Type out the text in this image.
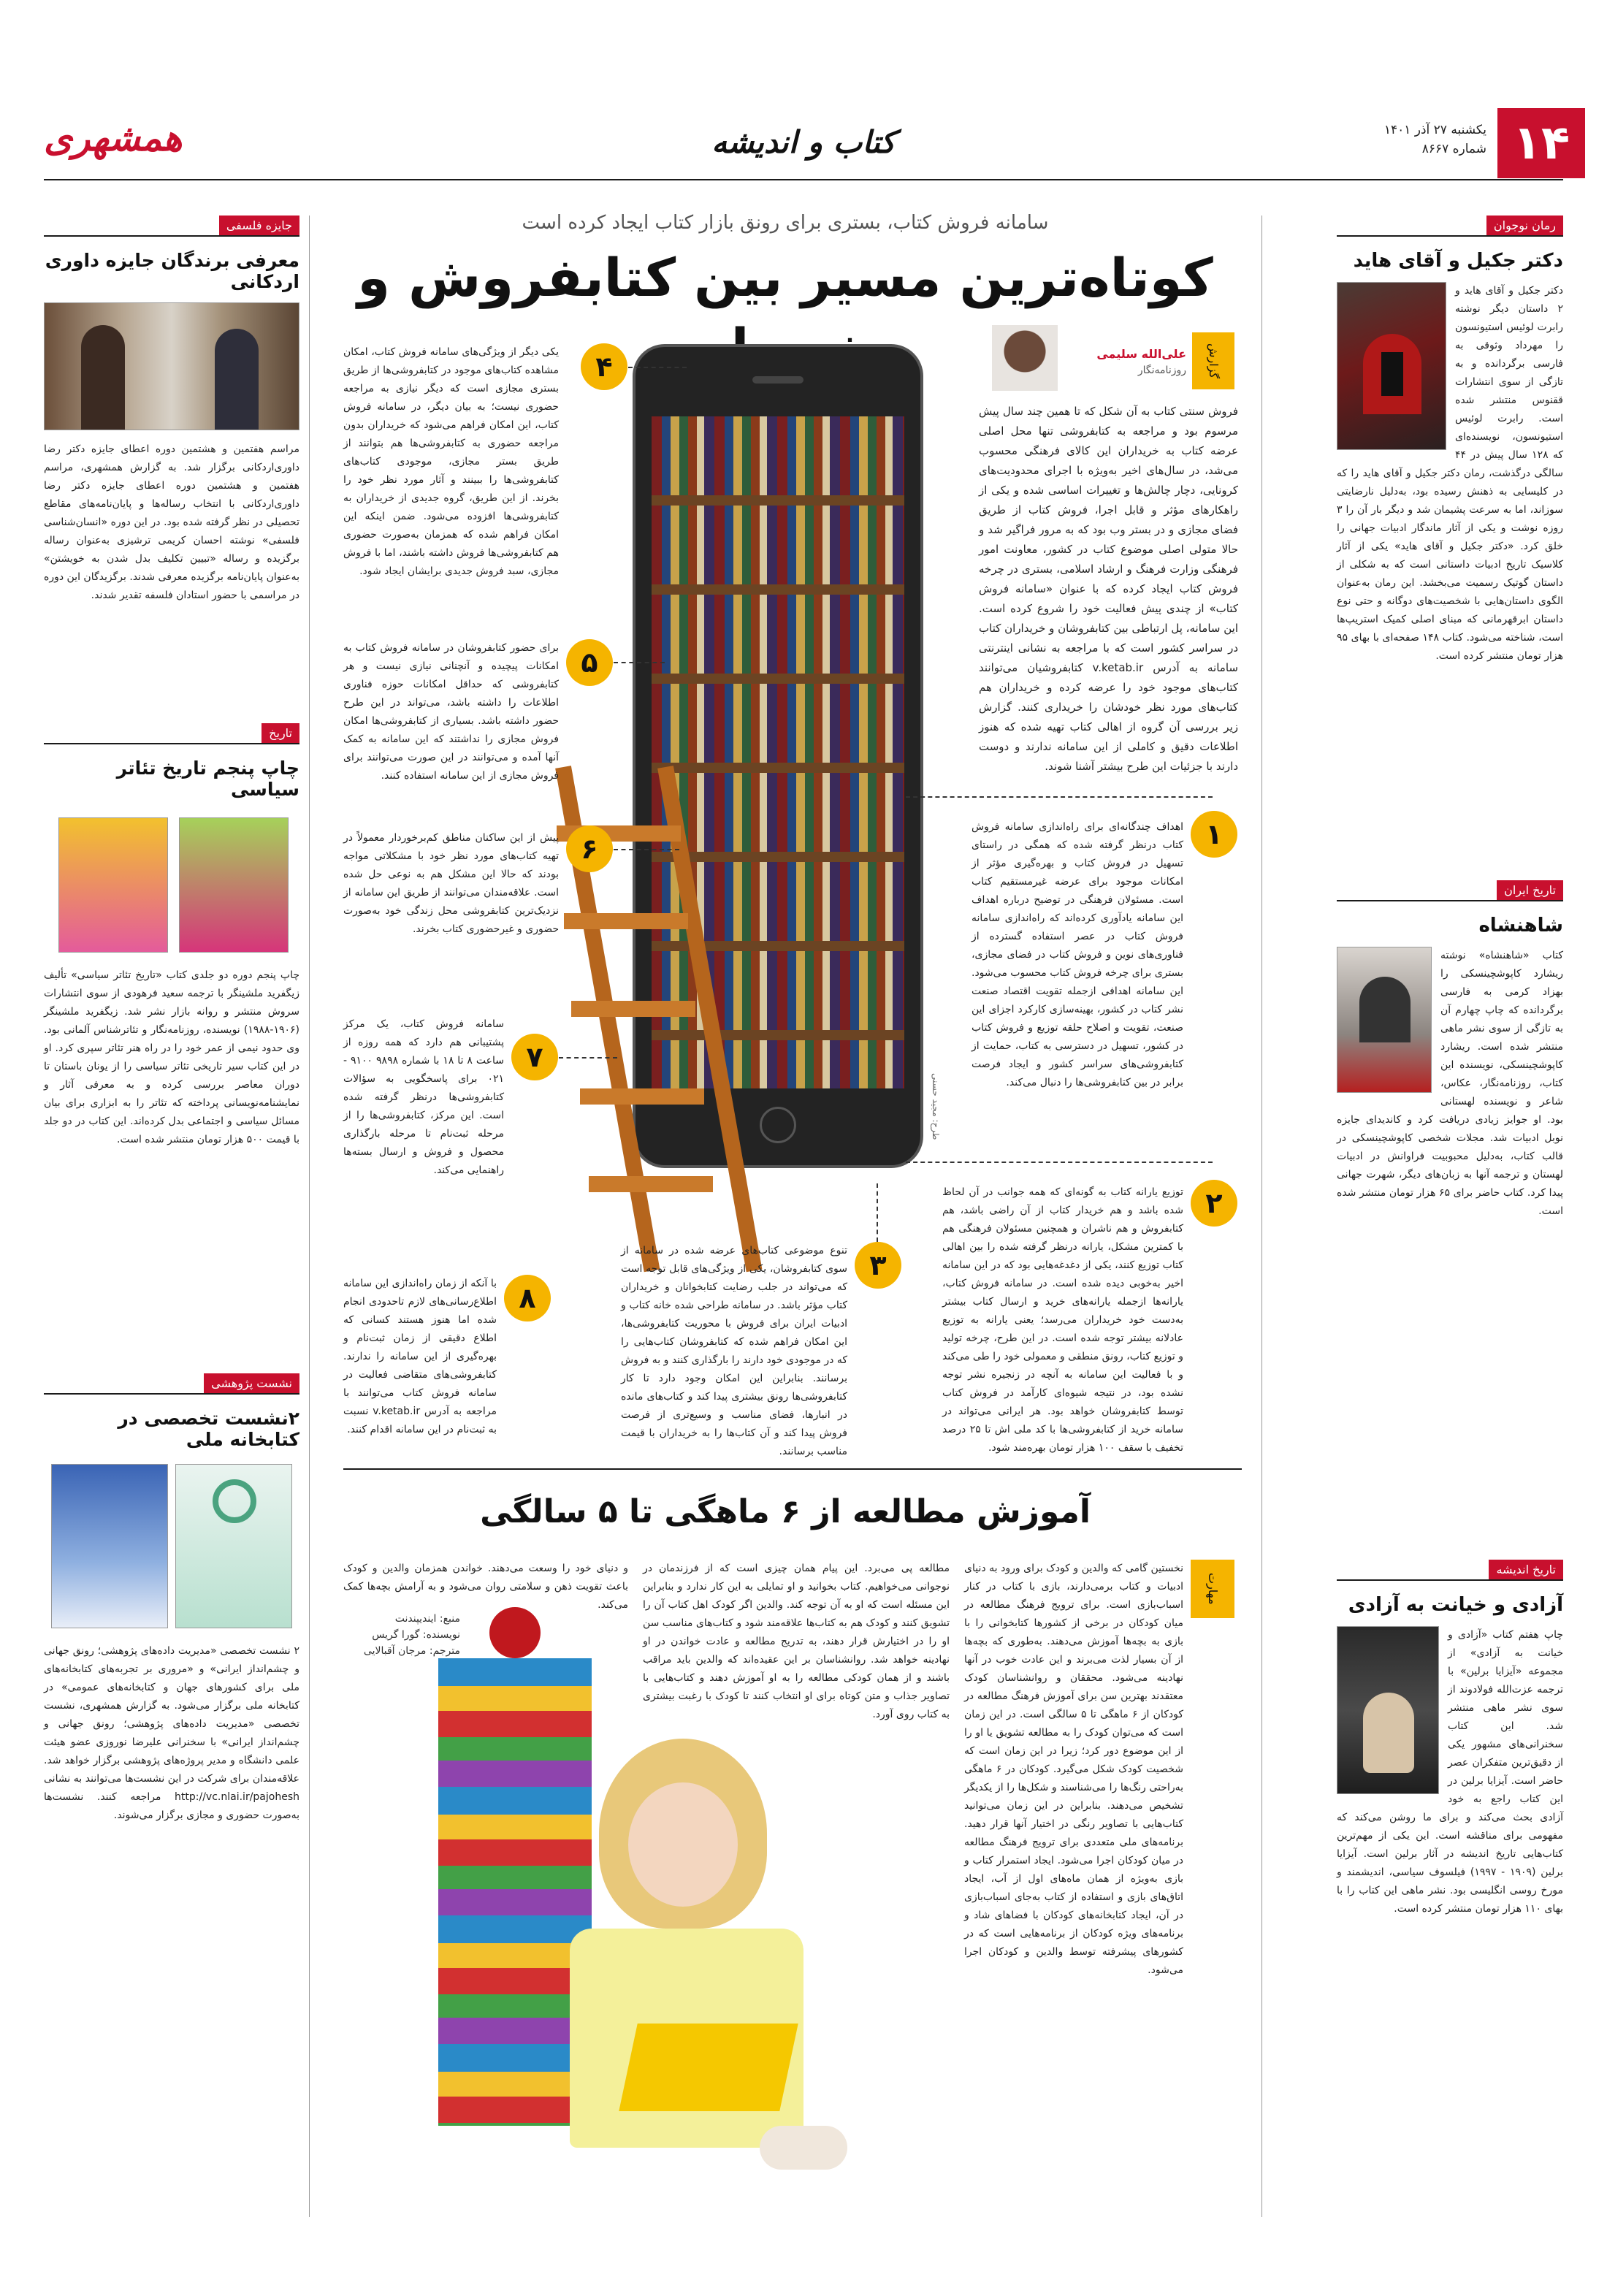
۱۴
یکشنبه ۲۷ آذر ۱۴۰۱
شماره ۸۶۶۷
کتاب و اندیشه
همشهری
رمان نوجوان
دکتر جکیل و آقای هاید
دکتر جکیل و آقای هاید و ۲ داستان دیگر نوشته رابرت لوئیس استیونسون را مهرداد وثوقی به فارسی برگردانده و به تازگی از سوی انتشارات ققنوس منتشر شده است. رابرت لوئیس استیونسون، نویسنده‌ای که ۱۲۸ سال پیش در ۴۴ سالگی درگذشت، رمان دکتر جکیل و آقای هاید را که در کلیسایی به ذهنش رسیده بود، به‌دلیل نارضایتی سوزاند، اما به سرعت پشیمان شد و دیگر بار آن را ۳ روزه نوشت و یکی از آثار ماندگار ادبیات جهانی را خلق کرد. «دکتر جکیل و آقای هاید» یکی از آثار کلاسیک تاریخ ادبیات داستانی است که به شکلی از داستان گوتیک رسمیت می‌بخشد. این رمان به‌عنوان الگوی داستان‌هایی با شخصیت‌های دوگانه و حتی نوع داستان ابرقهرمانی که مبنای اصلی کمیک استریپ‌ها است، شناخته می‌شود. کتاب ۱۴۸ صفحه‌ای با بهای ۹۵ هزار تومان منتشر کرده است.
تاریخ ایران
شاهنشاه
کتاب «شاهنشاه» نوشته ریشارد کاپوشچینسکی را بهزاد کرمی به فارسی برگردانده که چاپ چهارم آن به تازگی از سوی نشر ماهی منتشر شده است. ریشارد کاپوشچینسکی، نویسنده این کتاب، روزنامه‌نگار، عکاس، شاعر و نویسنده لهستانی بود. او جوایز زیادی دریافت کرد و کاندیدای جایزه نوبل ادبیات شد. مجلات شخصی کاپوشچینسکی در قالب کتاب، به‌دلیل محبوبیت فراوانش در ادبیات لهستان و ترجمه آنها به زبان‌های دیگر، شهرت جهانی پیدا کرد. کتاب حاضر برای ۶۵ هزار تومان منتشر شده است.
تاریخ اندیشه
آزادی و خیانت به آزادی
چاپ هفتم کتاب «آزادی و خیانت به آزادی» از مجموعه «آیزایا برلین» با ترجمه عزت‌الله فولادوند از سوی نشر ماهی منتشر شد. این کتاب سخنرانی‌های مشهور یکی از دقیق‌ترین متفکران عصر حاضر است. آیزایا برلین در این کتاب راجع به خود آزادی بحث می‌کند و برای ما روشن می‌کند که مفهومی برای مناقشه است. این یکی از مهم‌ترین کتاب‌هایی تاریخ اندیشه در آثار برلین است. آیزایا برلین (۱۹۰۹ - ۱۹۹۷) فیلسوف سیاسی، اندیشمند و مورخ روسی انگلیسی بود. نشر ماهی این کتاب را با بهای ۱۱۰ هزار تومان منتشر کرده است.
جایزه فلسفی
معرفی برندگان جایزه داوری اردکانی
مراسم هفتمین و هشتمین دوره اعطای جایزه دکتر رضا داوری‌اردکانی برگزار شد. به گزارش همشهری، مراسم هفتمین و هشتمین دوره اعطای جایزه دکتر رضا داوری‌اردکانی با انتخاب رساله‌ها و پایان‌نامه‌های مقاطع تحصیلی در نظر گرفته شده بود. در این دوره «انسان‌شناسی فلسفی» نوشته احسان کریمی ترشیزی به‌عنوان رساله برگزیده و رساله «تبیین تکلیف بدل شدن به خویشتن» به‌عنوان پایان‌نامه برگزیده معرفی شدند. برگزیدگان این دوره در مراسمی با حضور استادان فلسفه تقدیر شدند.
تاریخ
چاپ پنجم تاریخ تئاتر سیاسی
چاپ پنجم دوره دو جلدی کتاب «تاریخ تئاتر سیاسی» تألیف زیگفرید ملشینگر با ترجمه سعید فرهودی از سوی انتشارات سروش منتشر و روانه بازار نشر شد. زیگفرید ملشینگر (۱۹۰۶-۱۹۸۸) نویسنده، روزنامه‌نگار و تئاترشناس آلمانی بود. وی حدود نیمی از عمر خود را در راه هنر تئاتر سپری کرد. او در این کتاب سیر تاریخی تئاتر سیاسی را از یونان باستان تا دوران معاصر بررسی کرده و به معرفی آثار و نمایشنامه‌نویسانی پرداخته که تئاتر را به ابزاری برای بیان مسائل سیاسی و اجتماعی بدل کرده‌اند. این کتاب در دو جلد با قیمت ۵۰۰ هزار تومان منتشر شده است.
نشست پژوهشی
۲نشست تخصصی در کتابخانه ملی
۲ نشست تخصصی «مدیریت داده‌های پژوهشی؛ رونق جهانی و چشم‌انداز ایرانی» و «مروری بر تجربه‌های کتابخانه‌های ملی برای کشورهای جهان و کتابخانه‌های عمومی» در کتابخانه ملی برگزار می‌شود. به گزارش همشهری، نشست تخصصی «مدیریت داده‌های پژوهشی؛ رونق جهانی و چشم‌انداز ایرانی» با سخنرانی علیرضا نوروزی عضو هیئت علمی دانشگاه و مدیر پروژه‌های پژوهشی برگزار خواهد شد. علاقه‌مندان برای شرکت در این نشست‌ها می‌توانند به نشانی http://vc.nlai.ir/pajohesh مراجعه کنند. نشست‌ها به‌صورت حضوری و مجازی برگزار می‌شوند.
سامانه فروش کتاب، بستری برای رونق بازار کتاب ایجاد کرده است
کوتاه‌ترین مسیر بین کتابفروش و
گزارش
علی‌الله سلیمی
روزنامه‌نگار
فروش سنتی کتاب به آن شکل که تا همین چند سال پیش مرسوم بود و مراجعه به کتابفروشی تنها محل اصلی عرضه کتاب به خریداران این کالای فرهنگی محسوب می‌شد، در سال‌های اخیر به‌ویژه با اجرای محدودیت‌های کرونایی، دچار چالش‌ها و تغییرات اساسی شده و یکی از راهکارهای مؤثر و قابل اجرا، فروش کتاب از طریق فضای مجازی و در بستر وب بود که به مرور فراگیر شد و حالا متولی اصلی موضوع کتاب در کشور، معاونت امور فرهنگی وزارت فرهنگ و ارشاد اسلامی، بستری در چرخه فروش کتاب ایجاد کرده که با عنوان «سامانه فروش کتاب» از چندی پیش فعالیت خود را شروع کرده است. این سامانه، پل ارتباطی بین کتابفروشان و خریداران کتاب در سراسر کشور است که با مراجعه به نشانی اینترنتی سامانه به آدرس v.ketab.ir کتابفروشیان می‌توانند کتاب‌های موجود خود را عرضه کرده و خریداران هم کتاب‌های مورد نظر خودشان را خریداری کنند. گزارش زیر بررسی آن گروه از اهالی کتاب تهیه شده که هنوز اطلاعات دقیق و کاملی از این سامانه ندارند و دوست دارند با جزئیات این طرح بیشتر آشنا شوند.
طرح: مجید حسنی
۴
۵
۶
۷
۸
۱
۲
۳
یکی دیگر از ویژگی‌های سامانه فروش کتاب، امکان مشاهده کتاب‌های موجود در کتابفروشی‌ها از طریق بستری مجازی است که دیگر نیازی به مراجعه حضوری نیست؛ به بیان دیگر، در سامانه فروش کتاب، این امکان فراهم می‌شود که خریداران بدون مراجعه حضوری به کتابفروشی‌ها هم بتوانند از طریق بستر مجازی، موجودی کتاب‌های کتابفروشی‌ها را ببینند و آثار مورد نظر خود را بخرند. از این طریق، گروه جدیدی از خریداران به کتابفروشی‌ها افزوده می‌شود. ضمن اینکه این امکان فراهم شده که همزمان به‌صورت حضوری هم کتابفروشی‌ها فروش داشته باشند، اما با فروش مجازی، سبد فروش جدیدی برایشان ایجاد شود.
برای حضور کتابفروشان در سامانه فروش کتاب به امکانات پیچیده و آنچنانی نیازی نیست و هر کتابفروشی که حداقل امکانات حوزه فناوری اطلاعات را داشته باشد، می‌تواند در این طرح حضور داشته باشد. بسیاری از کتابفروشی‌ها امکان فروش مجازی را نداشتند که این سامانه به کمک آنها آمده و می‌توانند در این صورت می‌توانند برای فروش مجازی از این سامانه استفاده کنند.
پیش از این ساکنان مناطق کم‌برخوردار معمولاً در تهیه کتاب‌های مورد نظر خود با مشکلاتی مواجه بودند که حالا این مشکل هم به نوعی حل شده است. علاقه‌مندان می‌توانند از طریق این سامانه از نزدیک‌ترین کتابفروشی محل زندگی خود به‌صورت حضوری و غیرحضوری کتاب بخرند.
سامانه فروش کتاب، یک مرکز پشتیبانی هم دارد که همه روزه از ساعت ۸ تا ۱۸ با شماره ۹۸۹۸ ۹۱۰۰ - ۰۲۱ برای پاسخگویی به سؤالات کتابفروشی‌ها درنظر گرفته شده است. این مرکز، کتابفروشی‌ها را از مرحله ثبت‌نام تا مرحله بارگذاری محصول و فروش و ارسال بسته‌ها راهنمایی می‌کند.
با آنکه از زمان راه‌اندازی این سامانه اطلاع‌رسانی‌های لازم تاحدودی انجام شده اما هنوز هستند کسانی که اطلاع دقیقی از زمان ثبت‌نام و بهره‌گیری از این سامانه را ندارند. کتابفروشی‌های متقاضی فعالیت در سامانه فروش کتاب می‌توانند با مراجعه به آدرس v.ketab.ir نسبت به ثبت‌نام در این سامانه اقدام کنند.
اهداف چندگانه‌ای برای راه‌اندازی سامانه فروش کتاب درنظر گرفته شده که همگی در راستای تسهیل در فروش کتاب و بهره‌گیری مؤثر از امکانات موجود برای عرضه غیرمستقیم کتاب است. مسئولان فرهنگی در توضیح درباره اهداف این سامانه یادآوری کرده‌اند که راه‌اندازی سامانه فروش کتاب در عصر استفاده گسترده از فناوری‌های نوین و فروش کتاب در فضای مجازی، بستری برای چرخه فروش کتاب محسوب می‌شود. این سامانه اهدافی ازجمله تقویت اقتصاد صنعت نشر کتاب در کشور، بهینه‌سازی کارکرد اجزای این صنعت، تقویت و اصلاح حلقه توزیع و فروش کتاب در کشور، تسهیل در دسترسی به کتاب، حمایت از کتابفروشی‌های سراسر کشور و ایجاد فرصت برابر در بین کتابفروشی‌ها را دنبال می‌کند.
توزیع یارانه کتاب به گونه‌ای که همه جوانب در آن لحاظ شده باشد و هم خریدار کتاب از آن راضی باشد، هم کتابفروش و هم ناشران و همچنین مسئولان فرهنگی هم با کمترین مشکل، یارانه درنظر گرفته شده را بین اهالی کتاب توزیع کنند، یکی از دغدغه‌هایی بود که در این سامانه اخیر به‌خوبی دیده شده است. در سامانه فروش کتاب، یارانه‌ها ازجمله یارانه‌های خرید و ارسال کتاب بیشتر به‌دست خود خریداران می‌رسد؛ یعنی یارانه به توزیع عادلانه بیشتر توجه شده است. در این طرح، چرخه تولید و توزیع کتاب، رونق منطقی و معمولی خود را طی می‌کند و با فعالیت این سامانه به آنچه در زنجیره نشر توجه نشده بود، در نتیجه شیوه‌ای کارآمد در فروش کتاب توسط کتابفروشان خواهد بود. هر ایرانی می‌تواند در سامانه خرید از کتابفروشی‌ها با کد ملی اش تا ۲۵ درصد تخفیف با سقف ۱۰۰ هزار تومان بهره‌مند شود.
تنوع موضوعی کتاب‌های عرضه شده در سامانه از سوی کتابفروشان، یکی از ویژگی‌های قابل توجه است که می‌تواند در جلب رضایت کتابخوانان و خریداران کتاب مؤثر باشد. در سامانه طراحی شده خانه کتاب و ادبیات ایران برای فروش با محوریت کتابفروشی‌ها، این امکان فراهم شده که کتابفروشان کتاب‌هایی را که در موجودی خود دارند را بارگذاری کنند و به فروش برسانند. بنابراین این امکان وجود دارد تا کار کتابفروشی‌ها رونق بیشتری پیدا کند و کتاب‌های مانده در انبارها، فضای مناسب و وسیع‌تری از فرصت فروش پیدا کند و آن کتاب‌ها را به خریداران با قیمت مناسب برسانند.
آموزش مطالعه از ۶ ماهگی تا ۵ سالگی
مهارت
نخستین گامی که والدین و کودک برای ورود به دنیای ادبیات و کتاب برمی‌دارند، بازی با کتاب در کنار اسباب‌بازی است. برای ترویج فرهنگ مطالعه در میان کودکان در برخی از کشورها کتابخوانی را با بازی به بچه‌ها آموزش می‌دهند. به‌طوری که بچه‌ها از آن بسیار لذت می‌برند و این عادت خوب در آنها نهادینه می‌شود. محققان و روانشناسان کودک معتقدند بهترین سن برای آموزش فرهنگ مطالعه در کودکان از ۶ ماهگی تا ۵ سالگی است. در این زمان است که می‌توان کودک را به مطالعه تشویق یا او را از این موضوع دور کرد؛ زیرا در این زمان است که شخصیت کودک شکل می‌گیرد. کودکان در ۶ ماهگی به‌راحتی رنگ‌ها را می‌شناسند و شکل‌ها را از یکدیگر تشخیص می‌دهند. بنابراین در این زمان می‌توانید کتاب‌هایی با تصاویر رنگی در اختیار آنها قرار دهید. برنامه‌های ملی متعددی برای ترویج فرهنگ مطالعه در میان کودکان اجرا می‌شود. ایجاد استمرار کتاب و بازی به‌ویژه از همان ماه‌های اول از آب، ایجاد اتاق‌های بازی و استفاده از کتاب به‌جای اسباب‌بازی در آن، ایجاد کتابخانه‌های کودکان با فضاهای شاد و برنامه‌های ویژه کودکان از برنامه‌هایی است که در کشورهای پیشرفته توسط والدین و کودکان اجرا می‌شود.
مطالعه پی می‌برد. این پیام همان چیزی است که از فرزندمان در نوجوانی می‌خواهیم. کتاب بخوانید و او تمایلی به این کار ندارد و بنابراین این مسئله است که او به آن توجه کند. والدین اگر کودک اهل کتاب آن را تشویق کنند و کودک هم به کتاب‌ها علاقه‌مند شود و کتاب‌های مناسب سن او را در اختیارش قرار دهند، به تدریج مطالعه و عادت خواندن در او نهادینه خواهد شد. روانشناسان بر این عقیده‌اند که والدین باید مراقب باشند و از همان کودکی مطالعه را به او آموزش دهند و کتاب‌هایی با تصاویر جذاب و متن کوتاه برای او انتخاب کنند تا کودک با رغبت بیشتری به کتاب روی آورد.
و دنیای خود را وسعت می‌دهند. خواندن همزمان والدین و کودک باعث تقویت ذهن و سلامتی روان می‌شود و به آرامش بچه‌ها کمک می‌کند.
منبع: ایندیپندنت
نویسنده: گورا گریس
مترجم: مرجان آقبالایی
